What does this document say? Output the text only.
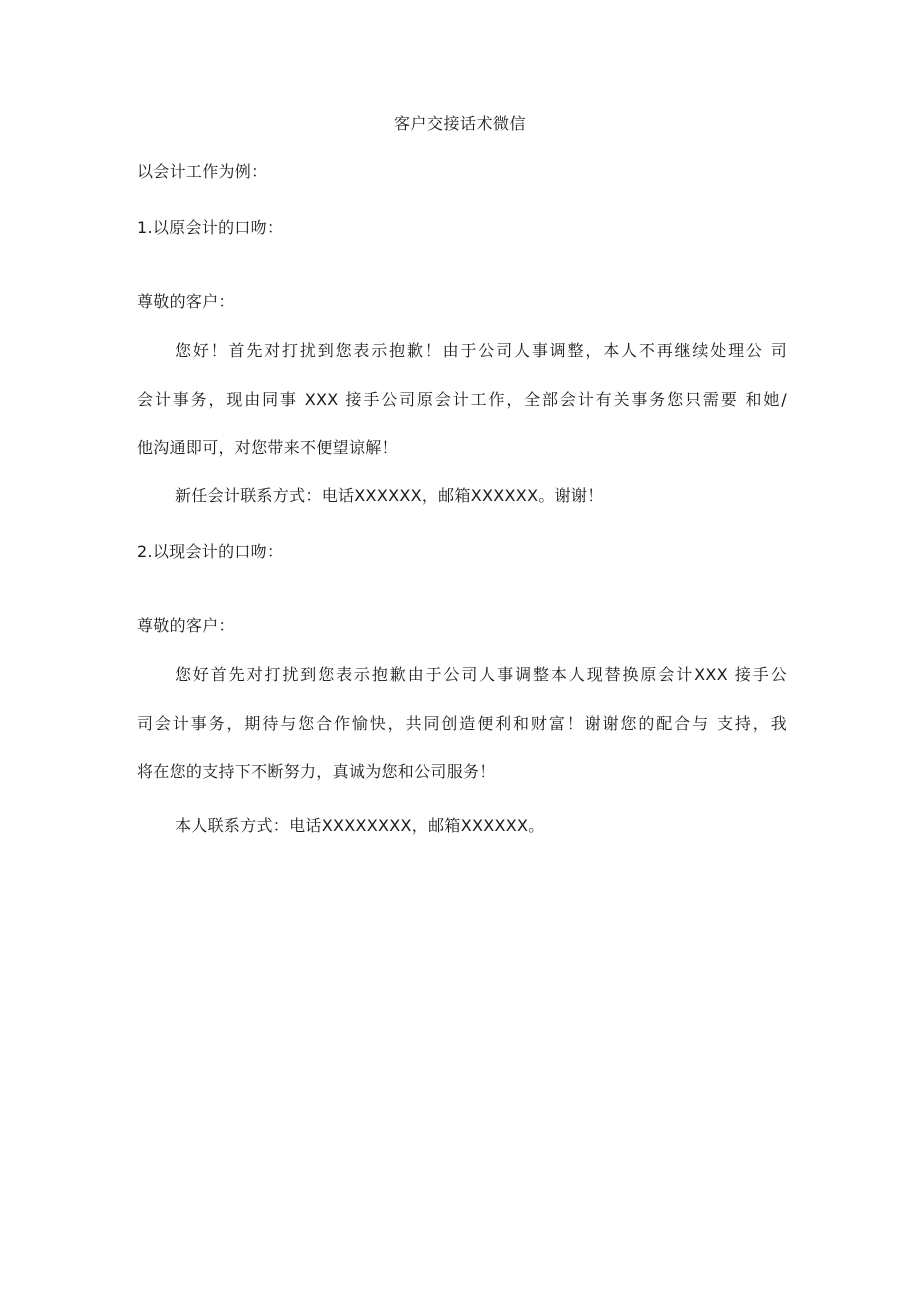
客户交接话术微信
以会计工作为例：
1.以原会计的口吻：
尊敬的客户：
您好！首先对打扰到您表示抱歉！由于公司人事调整，本人不再继续处理公 司
会计事务，现由同事 XXX 接手公司原会计工作，全部会计有关事务您只需要 和她/
他沟通即可，对您带来不便望谅解！
新任会计联系方式：电话XXXXXX，邮箱XXXXXX。谢谢！
2.以现会计的口吻：
尊敬的客户：
您好首先对打扰到您表示抱歉由于公司人事调整本人现替换原会计XXX 接手公
司会计事务，期待与您合作愉快，共同创造便利和财富！谢谢您的配合与 支持，我
将在您的支持下不断努力，真诚为您和公司服务！
本人联系方式：电话XXXXXXXX，邮箱XXXXXX。
